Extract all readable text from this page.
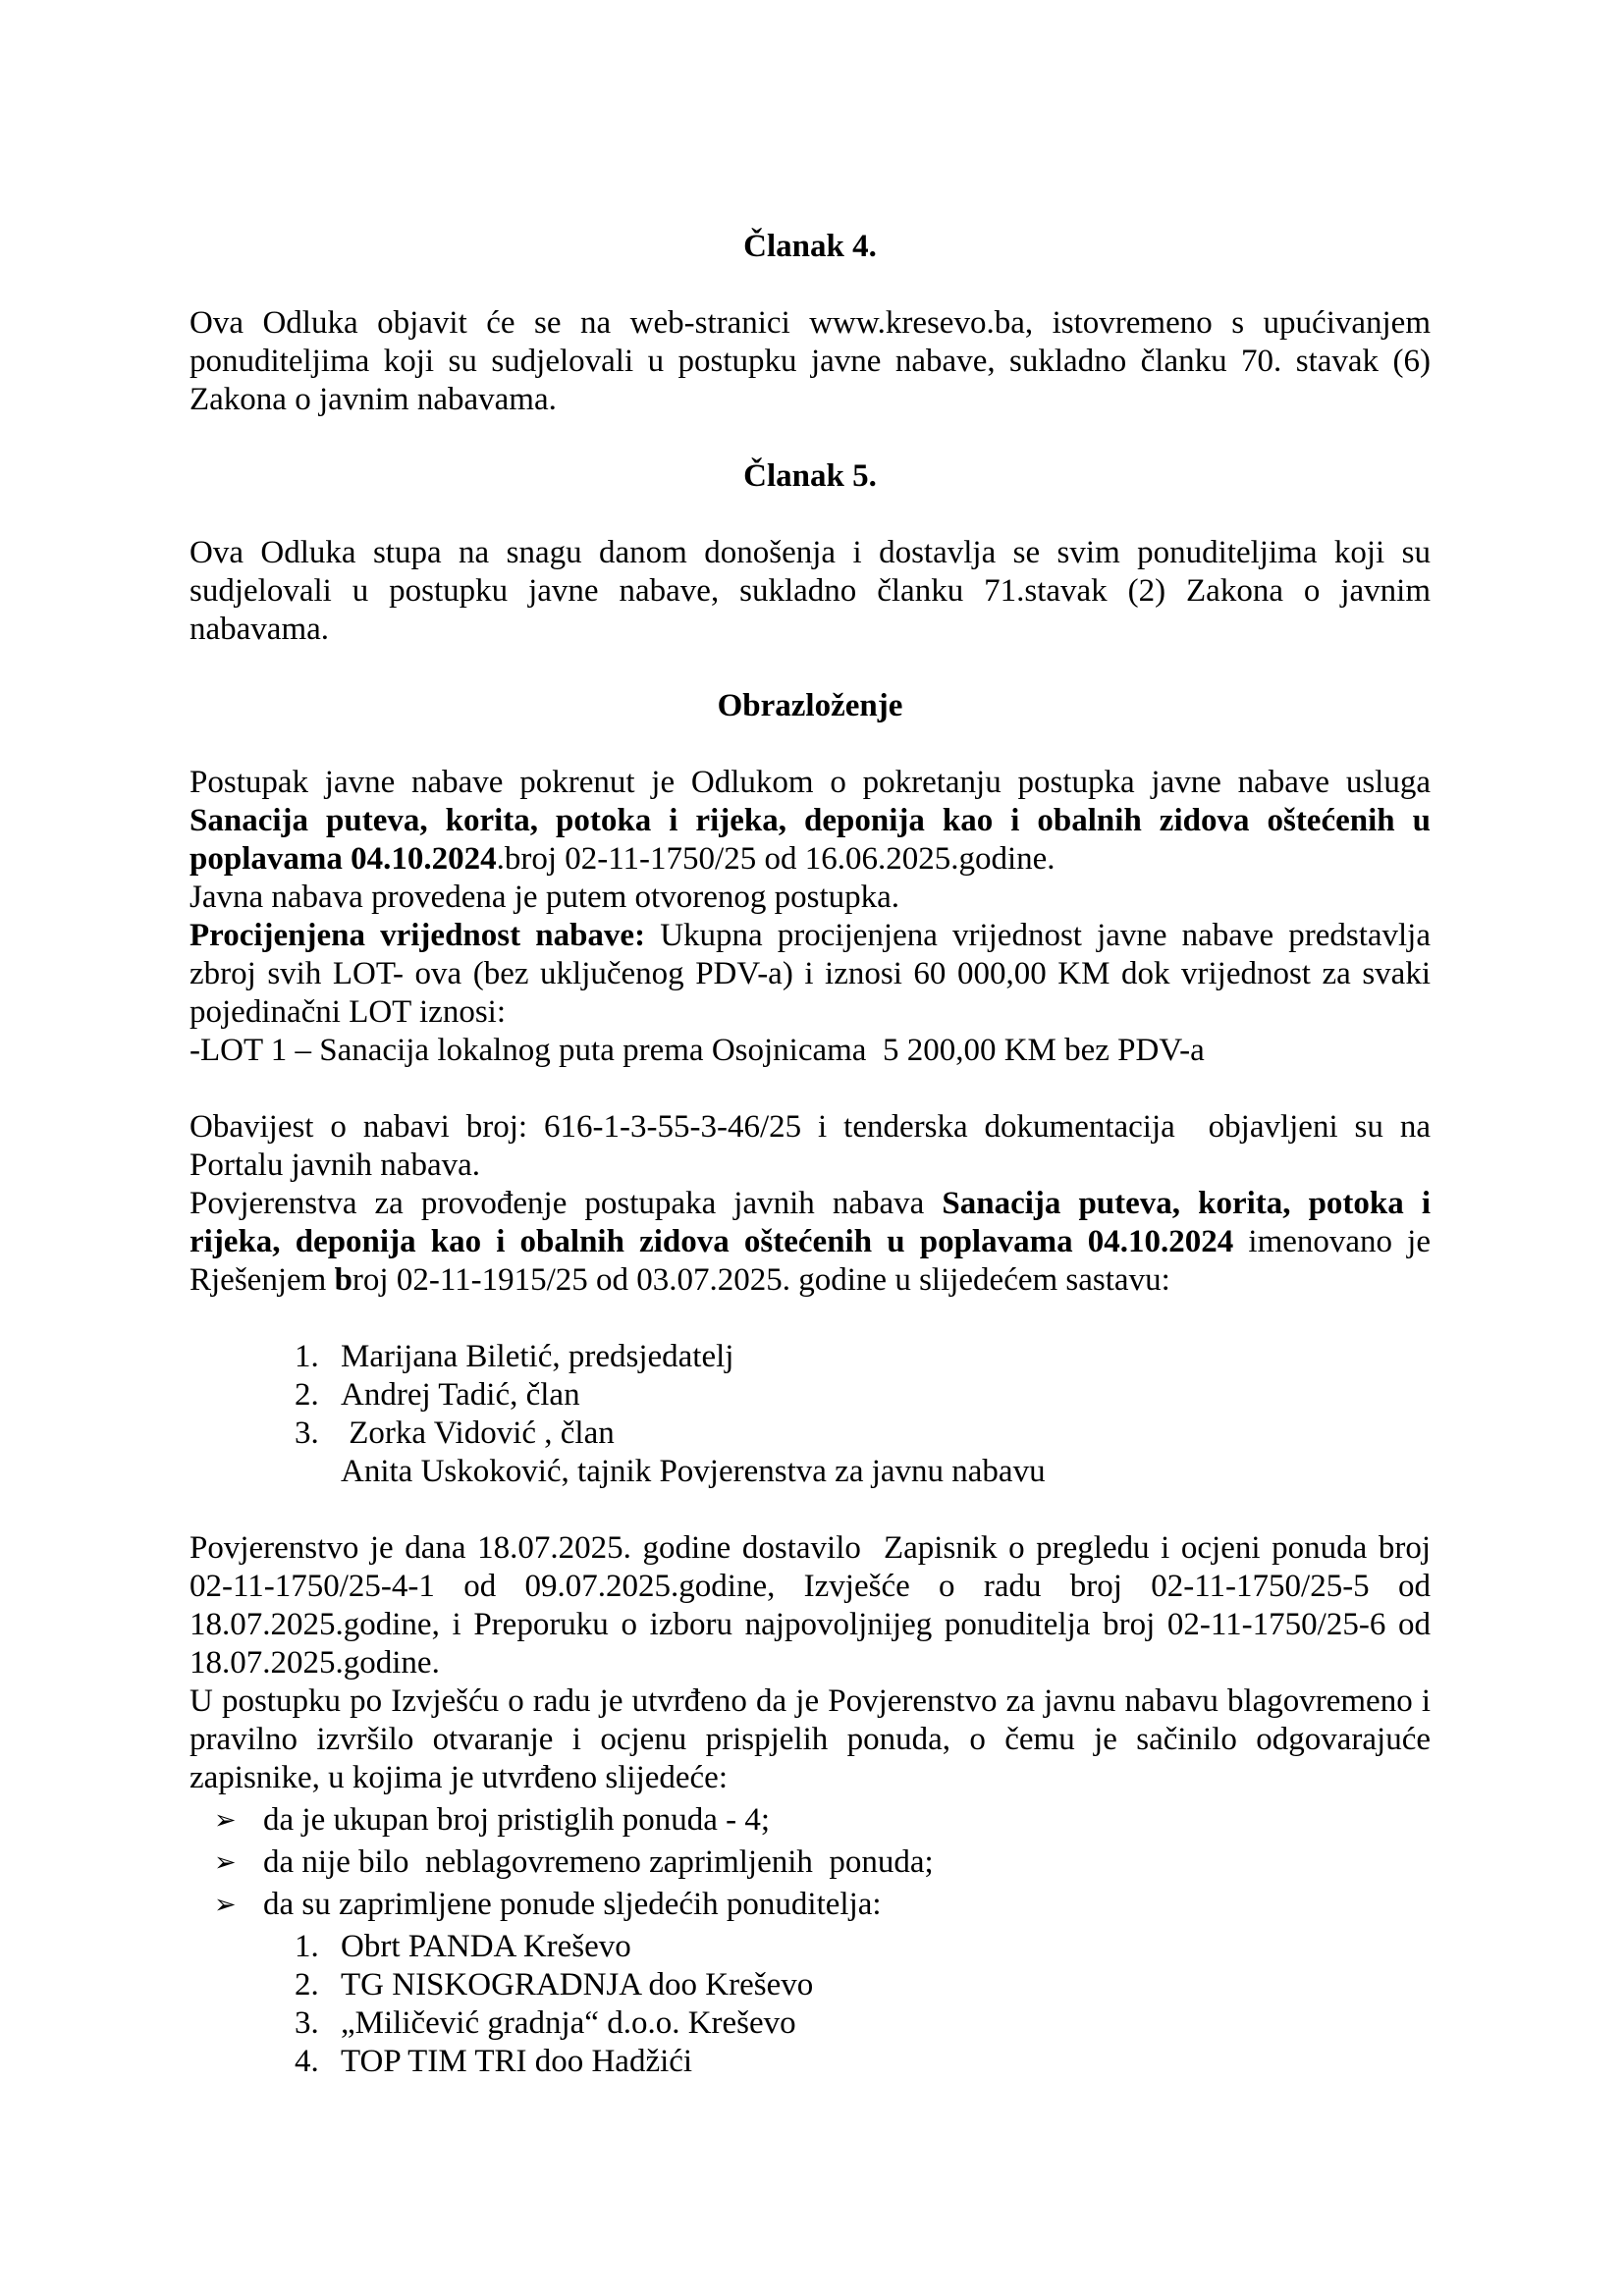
Članak 4.

Ova Odluka objavit će se na web-stranici www.kresevo.ba, istovremeno s upućivanjem ponuditeljima koji su sudjelovali u postupku javne nabave, sukladno članku 70. stavak (6) Zakona o javnim nabavama.

Članak 5.

Ova Odluka stupa na snagu danom donošenja i dostavlja se svim ponuditeljima koji su sudjelovali u postupku javne nabave, sukladno članku 71.stavak (2) Zakona o javnim nabavama.

Obrazloženje

Postupak javne nabave pokrenut je Odlukom o pokretanju postupka javne nabave usluga Sanacija puteva, korita, potoka i rijeka, deponija kao i obalnih zidova oštećenih u poplavama 04.10.2024.broj 02-11-1750/25 od 16.06.2025.godine.

Javna nabava provedena je putem otvorenog postupka.

Procijenjena vrijednost nabave: Ukupna procijenjena vrijednost javne nabave predstavlja zbroj svih LOT- ova (bez uključenog PDV-a) i iznosi 60 000,00 KM dok vrijednost za svaki pojedinačni LOT iznosi:

-LOT 1 – Sanacija lokalnog puta prema Osojnicama  5 200,00 KM bez PDV-a

Obavijest o nabavi broj: 616-1-3-55-3-46/25 i tenderska dokumentacija  objavljeni su na Portalu javnih nabava.

Povjerenstva za provođenje postupaka javnih nabava Sanacija puteva, korita, potoka i rijeka, deponija kao i obalnih zidova oštećenih u poplavama 04.10.2024 imenovano je Rješenjem broj 02-11-1915/25 od 03.07.2025. godine u slijedećem sastavu:

1. Marijana Biletić, predsjedatelj
2. Andrej Tadić, član
3. Zorka Vidović , član
Anita Uskoković, tajnik Povjerenstva za javnu nabavu

Povjerenstvo je dana 18.07.2025. godine dostavilo  Zapisnik o pregledu i ocjeni ponuda broj 02-11-1750/25-4-1 od 09.07.2025.godine, Izvješće o radu broj 02-11-1750/25-5 od 18.07.2025.godine, i Preporuku o izboru najpovoljnijeg ponuditelja broj 02-11-1750/25-6 od 18.07.2025.godine.

U postupku po Izvješću o radu je utvrđeno da je Povjerenstvo za javnu nabavu blagovremeno i pravilno izvršilo otvaranje i ocjenu prispjelih ponuda, o čemu je sačinilo odgovarajuće zapisnike, u kojima je utvrđeno slijedeće:

➢ da je ukupan broj pristiglih ponuda - 4;
➢ da nije bilo  neblagovremeno zaprimljenih  ponuda;
➢ da su zaprimljene ponude sljedećih ponuditelja:
1. Obrt PANDA Kreševo
2. TG NISKOGRADNJA doo Kreševo
3. „Miličević gradnja“ d.o.o. Kreševo
4. TOP TIM TRI doo Hadžići
